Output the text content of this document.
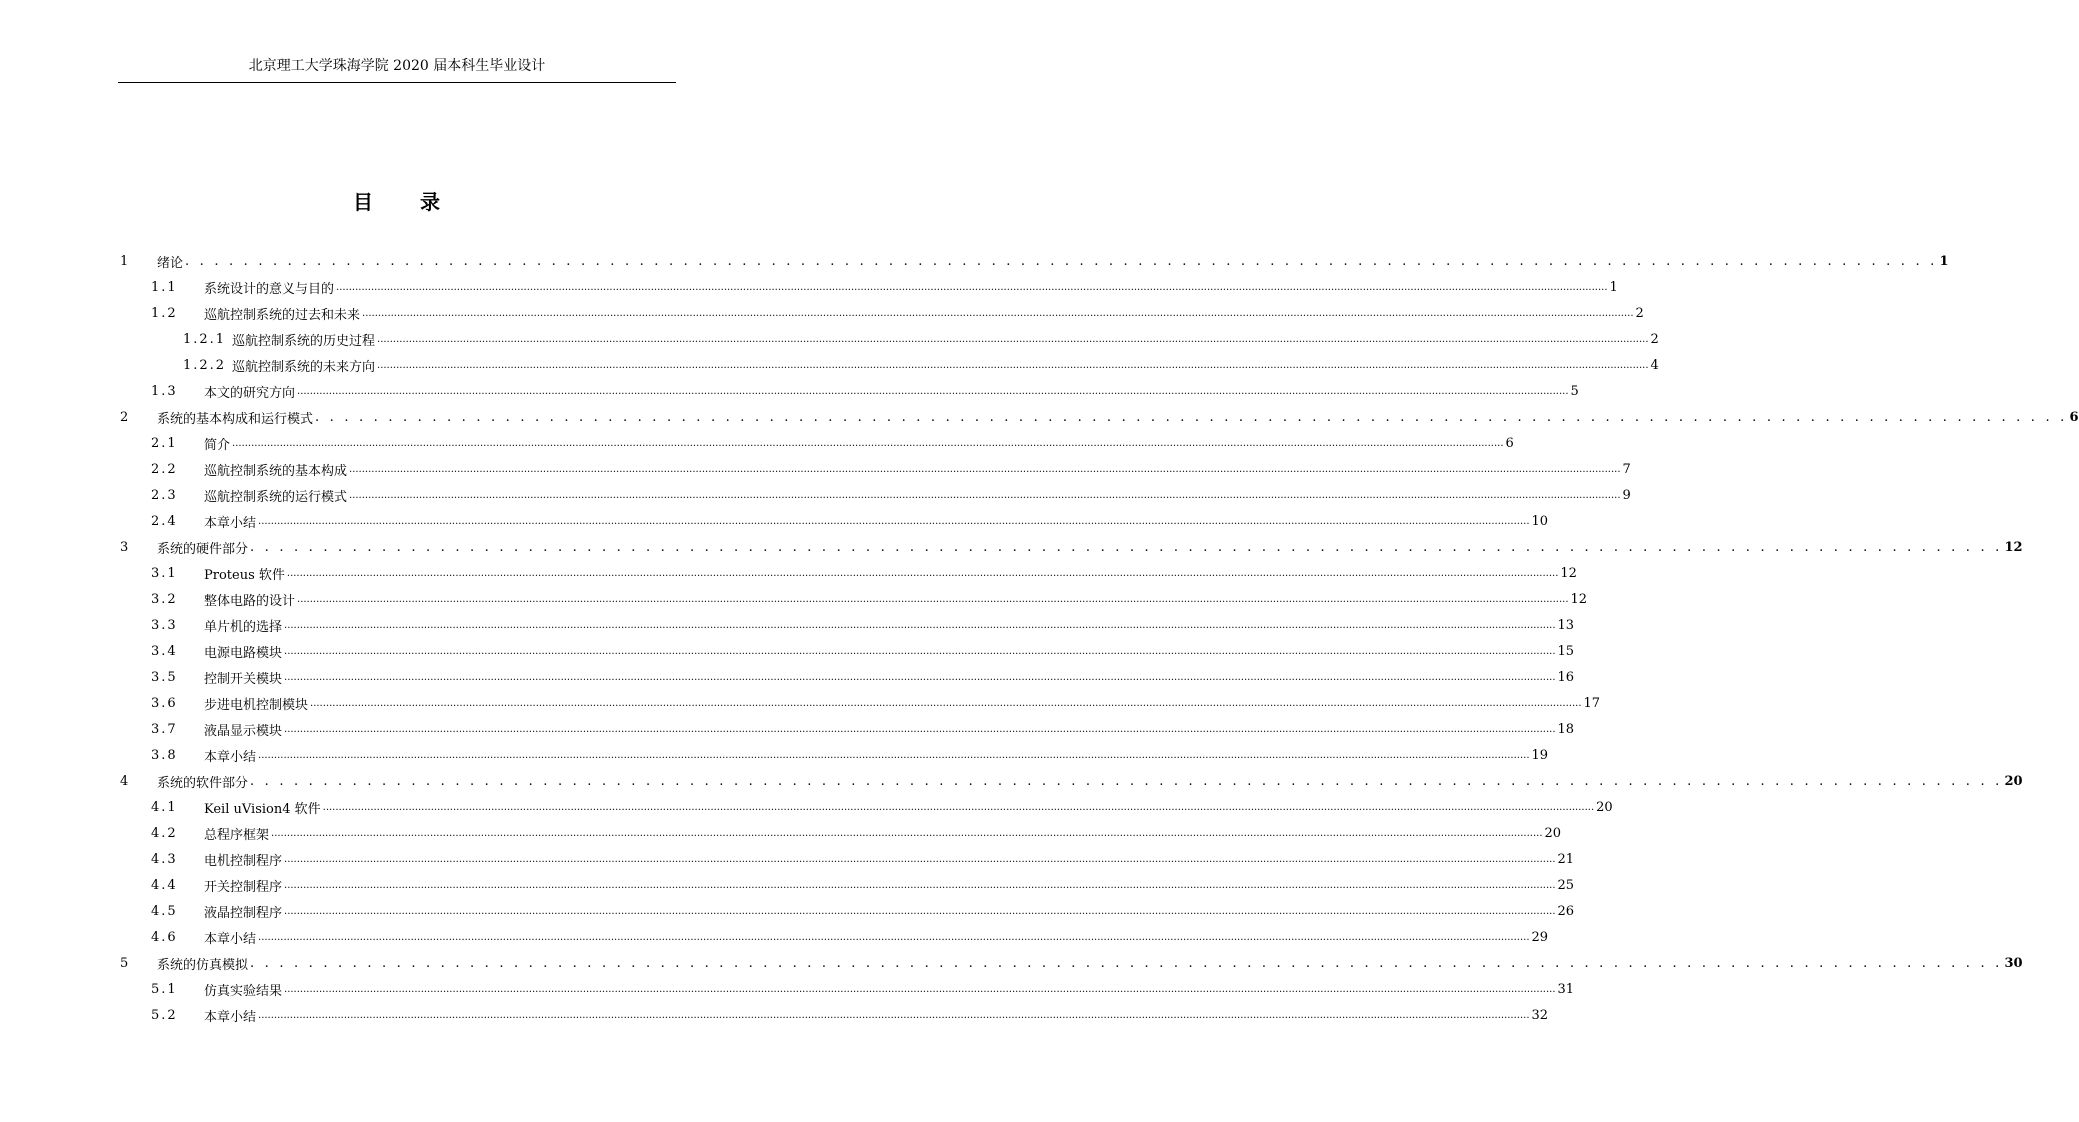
北京理工大学珠海学院 2020 届本科生毕业设计
目 录
1 绪论 . . . . . . . . . . . . . . . . . . . . . . . . . . . . . . . . . . . . . . . . . . . . . . . . . . . . . . . . . . . . . . . . . . . . . . . . . . . . . . . . . . . . . . . . . . . . . . . . . . . . . . . . . . . . . . . . . . . . . . . . 1
1.1 系统设计的意义与目的 ................................................................................................................................................................................................................................................................................................................................................................................................................ 1
1.2 巡航控制系统的过去和未来 ................................................................................................................................................................................................................................................................................................................................................................................................................ 2
1.2.1 巡航控制系统的历史过程 ................................................................................................................................................................................................................................................................................................................................................................................................................ 2
1.2.2 巡航控制系统的未来方向 ................................................................................................................................................................................................................................................................................................................................................................................................................ 4
1.3 本文的研究方向 ................................................................................................................................................................................................................................................................................................................................................................................................................ 5
2 系统的基本构成和运行模式 . . . . . . . . . . . . . . . . . . . . . . . . . . . . . . . . . . . . . . . . . . . . . . . . . . . . . . . . . . . . . . . . . . . . . . . . . . . . . . . . . . . . . . . . . . . . . . . . . . . . . . . . . . . . . . . . . . . . . . . . 6
2.1 简介 ................................................................................................................................................................................................................................................................................................................................................................................................................ 6
2.2 巡航控制系统的基本构成 ................................................................................................................................................................................................................................................................................................................................................................................................................ 7
2.3 巡航控制系统的运行模式 ................................................................................................................................................................................................................................................................................................................................................................................................................ 9
2.4 本章小结 ................................................................................................................................................................................................................................................................................................................................................................................................................ 10
3 系统的硬件部分 . . . . . . . . . . . . . . . . . . . . . . . . . . . . . . . . . . . . . . . . . . . . . . . . . . . . . . . . . . . . . . . . . . . . . . . . . . . . . . . . . . . . . . . . . . . . . . . . . . . . . . . . . . . . . . . . . . . . . . . . 12
3.1 Proteus 软件 ................................................................................................................................................................................................................................................................................................................................................................................................................ 12
3.2 整体电路的设计 ................................................................................................................................................................................................................................................................................................................................................................................................................ 12
3.3 单片机的选择 ................................................................................................................................................................................................................................................................................................................................................................................................................ 13
3.4 电源电路模块 ................................................................................................................................................................................................................................................................................................................................................................................................................ 15
3.5 控制开关模块 ................................................................................................................................................................................................................................................................................................................................................................................................................ 16
3.6 步进电机控制模块 ................................................................................................................................................................................................................................................................................................................................................................................................................ 17
3.7 液晶显示模块 ................................................................................................................................................................................................................................................................................................................................................................................................................ 18
3.8 本章小结 ................................................................................................................................................................................................................................................................................................................................................................................................................ 19
4 系统的软件部分 . . . . . . . . . . . . . . . . . . . . . . . . . . . . . . . . . . . . . . . . . . . . . . . . . . . . . . . . . . . . . . . . . . . . . . . . . . . . . . . . . . . . . . . . . . . . . . . . . . . . . . . . . . . . . . . . . . . . . . . . 20
4.1 Keil uVision4 软件 ................................................................................................................................................................................................................................................................................................................................................................................................................ 20
4.2 总程序框架 ................................................................................................................................................................................................................................................................................................................................................................................................................ 20
4.3 电机控制程序 ................................................................................................................................................................................................................................................................................................................................................................................................................ 21
4.4 开关控制程序 ................................................................................................................................................................................................................................................................................................................................................................................................................ 25
4.5 液晶控制程序 ................................................................................................................................................................................................................................................................................................................................................................................................................ 26
4.6 本章小结 ................................................................................................................................................................................................................................................................................................................................................................................................................ 29
5 系统的仿真模拟 . . . . . . . . . . . . . . . . . . . . . . . . . . . . . . . . . . . . . . . . . . . . . . . . . . . . . . . . . . . . . . . . . . . . . . . . . . . . . . . . . . . . . . . . . . . . . . . . . . . . . . . . . . . . . . . . . . . . . . . . 30
5.1 仿真实验结果 ................................................................................................................................................................................................................................................................................................................................................................................................................ 31
5.2 本章小结 ................................................................................................................................................................................................................................................................................................................................................................................................................ 32
